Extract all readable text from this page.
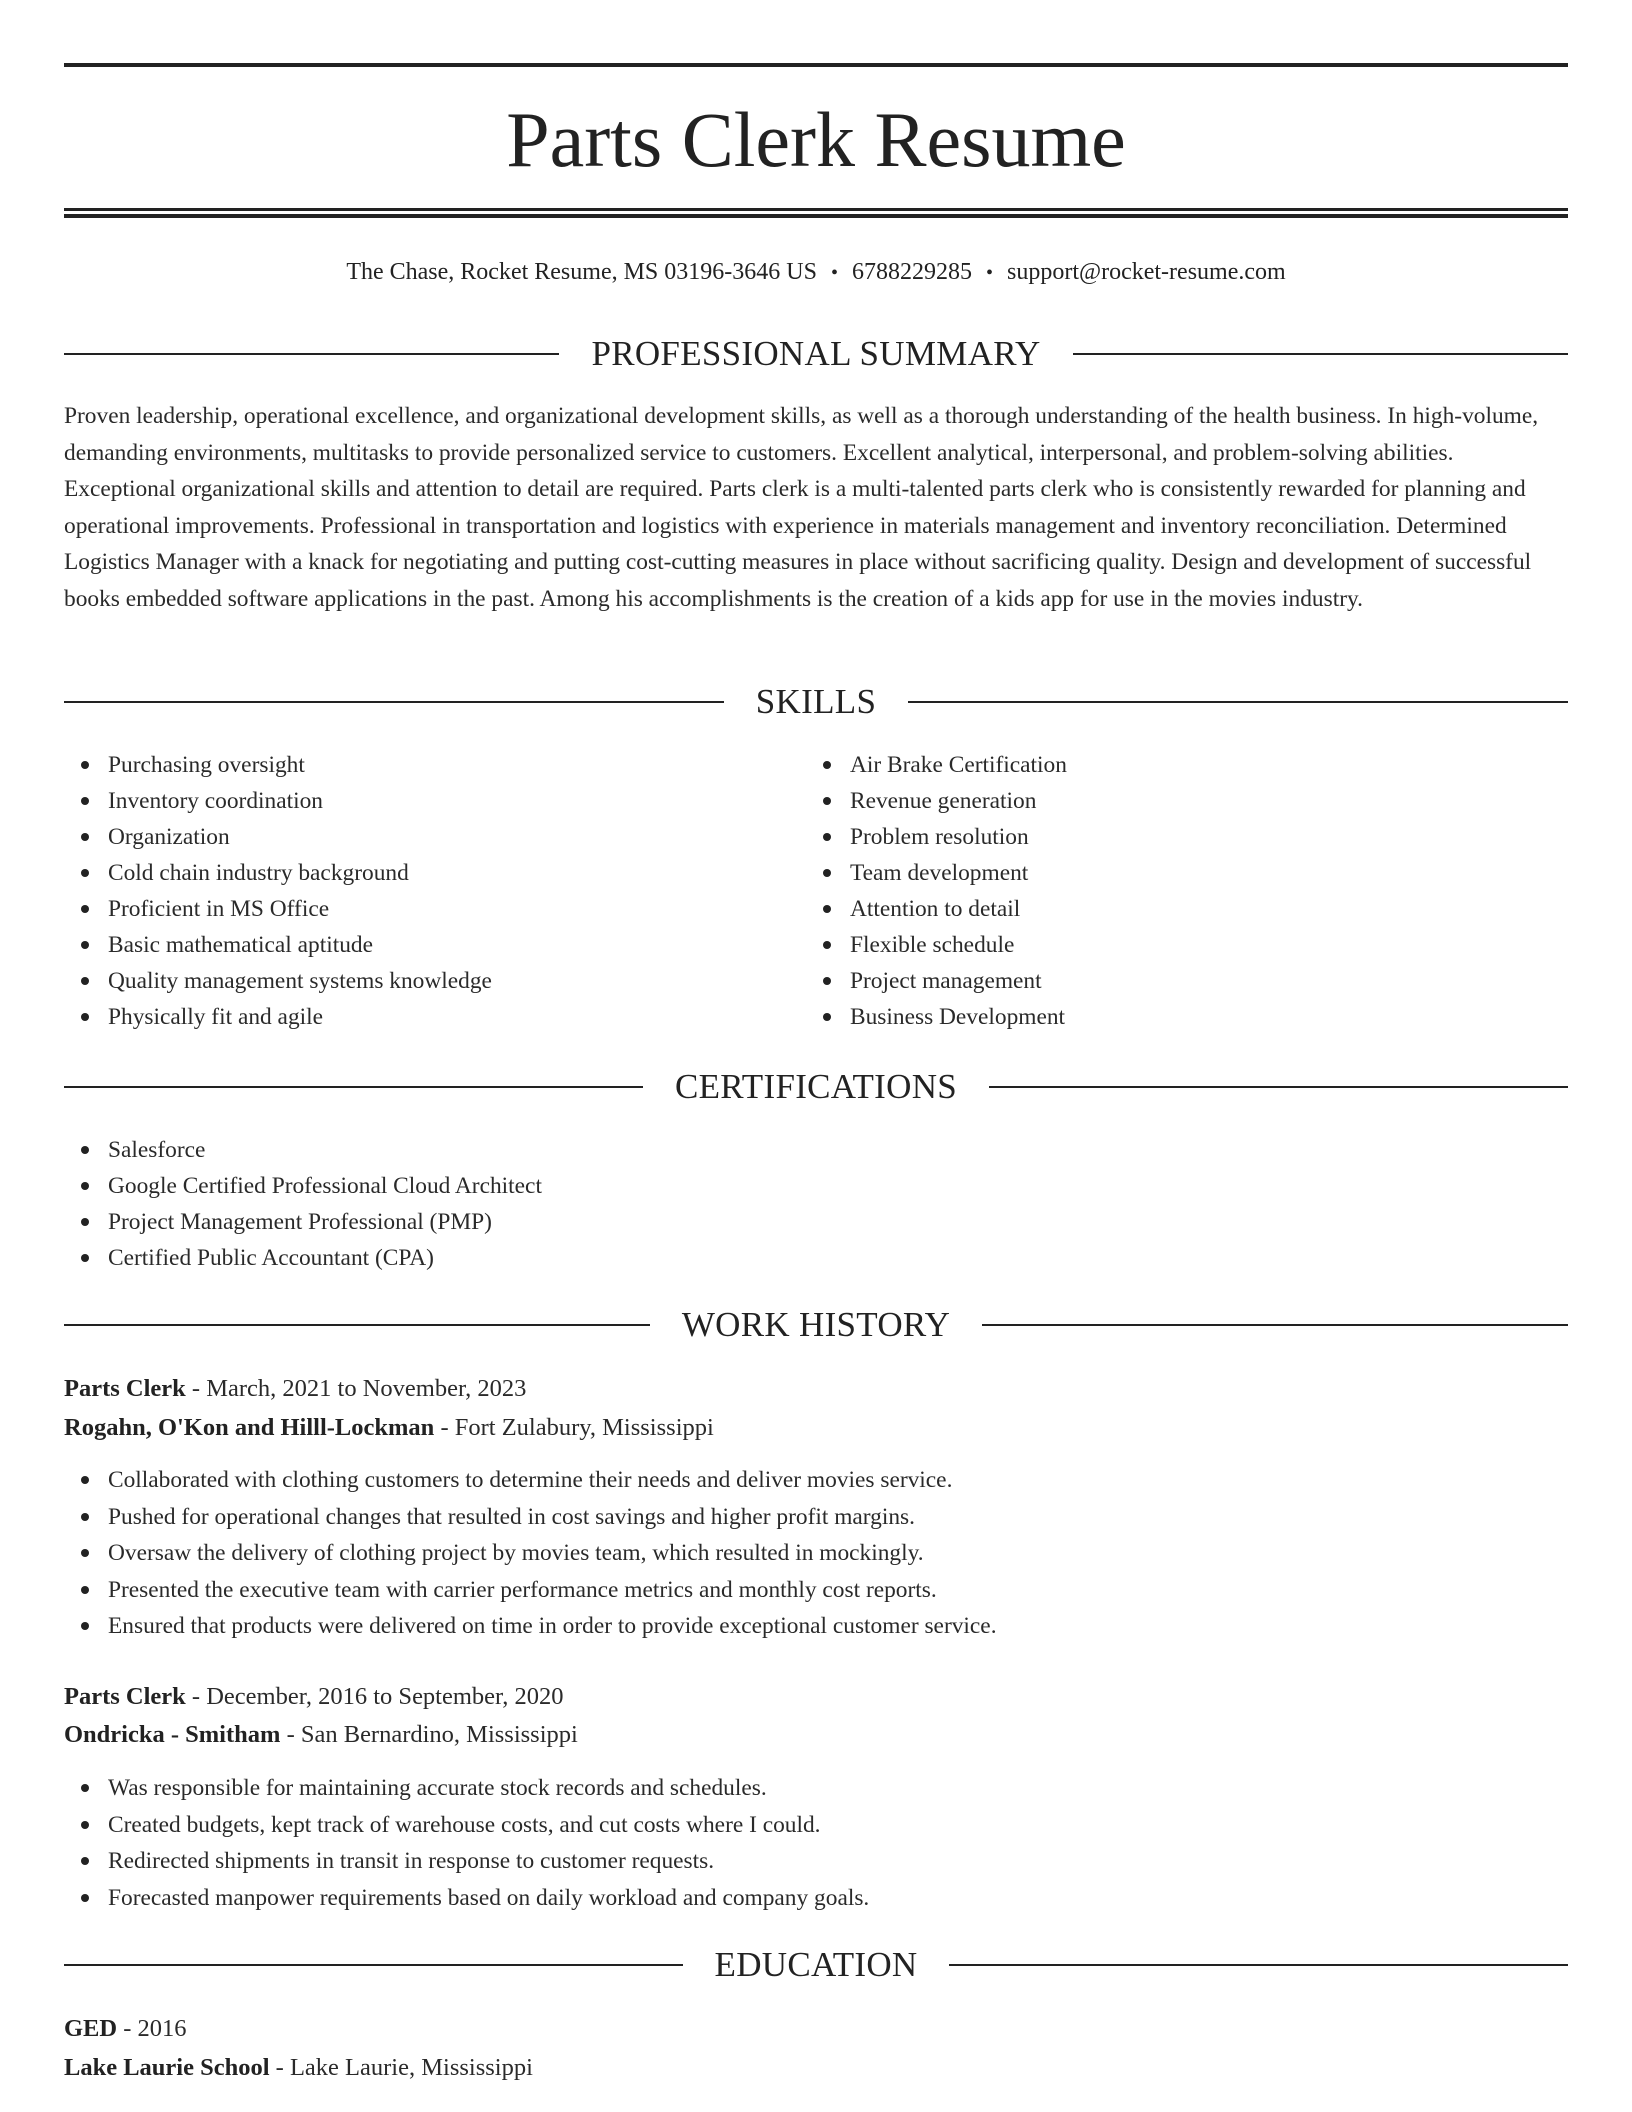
Parts Clerk Resume
The Chase, Rocket Resume, MS 03196-3646 US • 6788229285 • support@rocket-resume.com
PROFESSIONAL SUMMARY

Proven leadership, operational excellence, and organizational development skills, as well as a thorough understanding of the health business. In high-volume, demanding environments, multitasks to provide personalized service to customers. Excellent analytical, interpersonal, and problem-solving abilities. Exceptional organizational skills and attention to detail are required. Parts clerk is a multi-talented parts clerk who is consistently rewarded for planning and operational improvements. Professional in transportation and logistics with experience in materials management and inventory reconciliation. Determined Logistics Manager with a knack for negotiating and putting cost-cutting measures in place without sacrificing quality. Design and development of successful books embedded software applications in the past. Among his accomplishments is the creation of a kids app for use in the movies industry.

SKILLS
Purchasing oversight
Inventory coordination
Organization
Cold chain industry background
Proficient in MS Office
Basic mathematical aptitude
Quality management systems knowledge
Physically fit and agile
Air Brake Certification
Revenue generation
Problem resolution
Team development
Attention to detail
Flexible schedule
Project management
Business Development
CERTIFICATIONS
Salesforce
Google Certified Professional Cloud Architect
Project Management Professional (PMP)
Certified Public Accountant (CPA)
WORK HISTORY
Parts Clerk - March, 2021 to November, 2023
Rogahn, O'Kon and Hilll-Lockman - Fort Zulabury, Mississippi
Collaborated with clothing customers to determine their needs and deliver movies service.
Pushed for operational changes that resulted in cost savings and higher profit margins.
Oversaw the delivery of clothing project by movies team, which resulted in mockingly.
Presented the executive team with carrier performance metrics and monthly cost reports.
Ensured that products were delivered on time in order to provide exceptional customer service.
Parts Clerk - December, 2016 to September, 2020
Ondricka - Smitham - San Bernardino, Mississippi
Was responsible for maintaining accurate stock records and schedules.
Created budgets, kept track of warehouse costs, and cut costs where I could.
Redirected shipments in transit in response to customer requests.
Forecasted manpower requirements based on daily workload and company goals.
EDUCATION
GED - 2016
Lake Laurie School - Lake Laurie, Mississippi
